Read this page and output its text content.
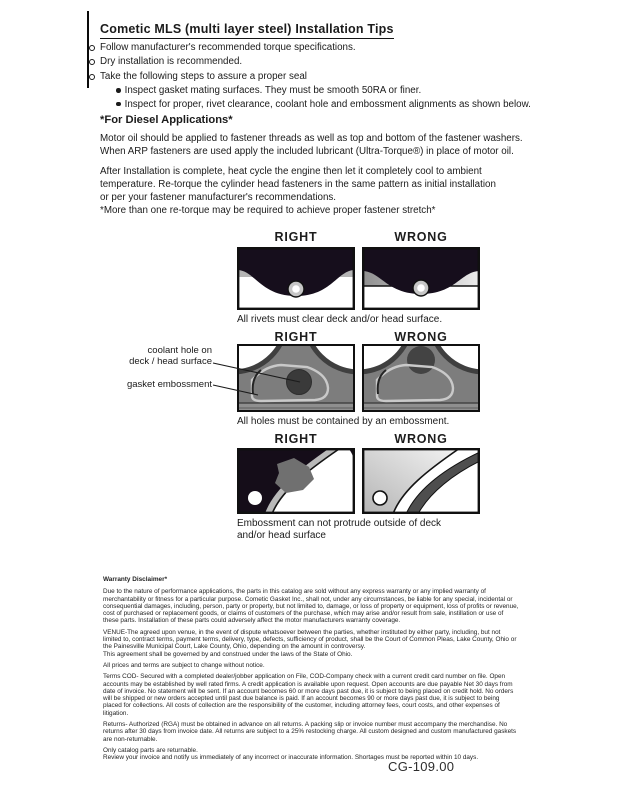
Cometic MLS (multi layer steel) Installation Tips
Follow manufacturer's recommended torque specifications.
Dry installation is recommended.
Take the following steps to assure a proper seal
Inspect gasket mating surfaces. They must be smooth 50RA or finer.
Inspect for proper, rivet clearance, coolant hole and embossment alignments as shown below.
*For Diesel Applications*
Motor oil should be applied to fastener threads as well as top and bottom of the fastener washers.
When ARP fasteners are used apply the included lubricant (Ultra-Torque®) in place of motor oil.
After Installation is complete, heat cycle the engine then let it completely cool to ambient
temperature. Re-torque the cylinder head fasteners in the same pattern as initial installation
or per your fastener manufacturer's recommendations.
*More than one re-torque may be required to achieve proper fastener stretch*
RIGHT	WRONG
All rivets must clear deck and/or head surface.
RIGHT	WRONG
coolant hole on
deck / head surface
gasket embossment
All holes must be contained by an embossment.
RIGHT	WRONG
Embossment can not protrude outside of deck
and/or head surface
Warranty Disclaimer*

Due to the nature of performance applications, the parts in this catalog are sold without any express warranty or any implied warranty of merchantability or fitness for a particular purpose. Cometic Gasket Inc., shall not, under any circumstances, be liable for any special, incidental or consequential damages, including, person, party or property, but not limited to, damage, or loss of property or equipment, loss of profits or revenue, cost of purchased or replacement goods, or claims of customers of the purchase, which may arise and/or result from sale, instillation or use of these parts. Installation of these parts could adversely affect the motor manufacturers warranty coverage.

VENUE-The agreed upon venue, in the event of dispute whatsoever between the parties, whether instituted by either party, including, but not limited to, contract terms, payment terms, delivery, type, defects, sufficiency of product, shall be the Court of Common Pleas, Lake County, Ohio or the Painesville Municipal Court, Lake County, Ohio, depending on the amount in controversy.
This agreement shall be governed by and construed under the laws of the State of Ohio.

All prices and terms are subject to change without notice.

Terms COD- Secured with a completed dealer/jobber application on File, COD-Company check with a current credit card number on file. Open accounts may be established by well rated firms. A credit application is available upon request. Open accounts are due payable Net 30 days from date of invoice. No statement will be sent. If an account becomes 60 or more days past due, it is subject to being placed on credit hold. No orders will be shipped or new orders accepted until past due balance is paid. If an account becomes 90 or more days past due, it is subject to being placed for collections. All costs of collection are the responsibility of the customer, including attorney fees, court costs, and other expenses of litigation.

Returns- Authorized (RGA) must be obtained in advance on all returns. A packing slip or invoice number must accompany the merchandise. No returns after 30 days from invoice date. All returns are subject to a 25% restocking charge. All custom designed and custom manufactured gaskets are non-returnable.

Only catalog parts are returnable.
Review your invoice and notify us immediately of any incorrect or inaccurate information. Shortages must be reported within 10 days.
CG-109.00
